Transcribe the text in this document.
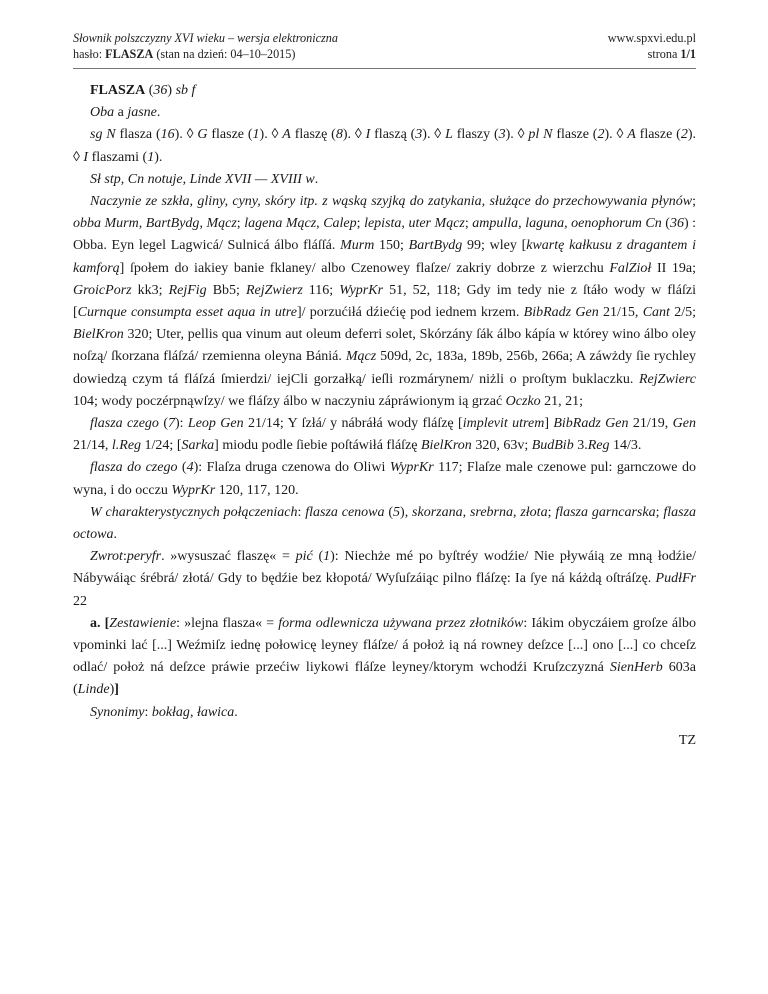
Słownik polszczyzny XVI wieku – wersja elektroniczna
hasło: FLASZA (stan na dzień: 04–10–2015)
www.spxvi.edu.pl
strona 1/1

FLASZA (36) sb f

Oba a jasne.

sg N flasza (16). ◊ G flasze (1). ◊ A flaszę (8). ◊ I flaszą (3). ◊ L flaszy (3). ◊ pl N flasze (2). ◊ A flasze (2). ◊ I flaszami (1).

Sł stp, Cn notuje, Linde XVII — XVIII w.

Naczynie ze szkła, gliny, cyny, skóry itp. z wąską szyjką do zatykania, służące do przechowywania płynów; obba Murm, BartBydg, Mącz; lagena Mącz, Calep; lepista, uter Mącz; ampulla, laguna, oenophorum Cn (36) : Obba. Eyn legel Lagwicá/ Sulnicá álbo fláſſá. Murm 150; BartBydg 99; wley [kwartę kałkusu z dragantem i kamforą] ſpołem do iakiey banie fklaney/ albo Czenowey flaſze/ zakriy dobrze z wierzchu FalZioł II 19a; GroicPorz kk3; RejFig Bb5; RejZwierz 116; WyprKr 51, 52, 118; Gdy im tedy nie z ſtáło wody w fláſzi [Curnque consumpta esset aqua in utre]/ porzućiłá dźiećię pod iednem krzem. BibRadz Gen 21/15, Cant 2/5; BielKron 320; Uter, pellis qua vinum aut oleum deferri solet, Skórzány ſák álbo kápía w którey wino álbo oley noſzą/ ſkorzana fláſzá/ rzemienna oleyna Bániá. Mącz 509d, 2c, 183a, 189b, 256b, 266a; A záwżdy ſie rychley dowiedzą czym tá fláſzá ſmierdzi/ iejCli gorzałką/ ieſli rozmárynem/ niżli o proſtym buklaczku. RejZwierc 104; wody poczérpnąwſzy/ we fláſzy álbo w naczyniu zápráwionym ią grzać Oczko 21, 21;

flasza czego (7): Leop Gen 21/14; Y ſzłá/ y nábráłá wody fláſzę [implevit utrem] BibRadz Gen 21/19, Gen 21/14, l.Reg 1/24; [Sarka] miodu podle ſiebie poſtáwiłá fláſzę BielKron 320, 63v; BudBib 3.Reg 14/3.

flasza do czego (4): Flaſza druga czenowa do Oliwi WyprKr 117; Flaſze male czenowe pul: garnczowe do wyna, i do occzu WyprKr 120, 117, 120.

W charakterystycznych połączeniach: flasza cenowa (5), skorzana, srebrna, złota; flasza garncarska; flasza octowa.

Zwrot:peryfr. »wysuszać flaszę« = pić (1): Niechże mé po byſtréy wodźie/ Nie pływáią ze mną łodźie/ Nábywáiąc śrébrá/ złotá/ Gdy to będźie bez kłopotá/ Wyſuſzáiąc pilno fláſzę: Ia ſye ná káżdą oſtráſzę. PudłFr 22

a. [Zestawienie: »lejna flasza« = forma odlewnicza używana przez złotników: Iákim obyczáiem groſze álbo vpominki lać [...] Weźmiſz iednę połowicę leyney fláſze/ á położ ią ná rowney deſzce [...] ono [...] co chceſz odlać/ położ ná deſzce práwie przećiw liykowi fláſze leyney/ktorym wchodźi Kruſzczyzná SienHerb 603a (Linde)]

Synonimy: bokłag, ławica.

TZ
